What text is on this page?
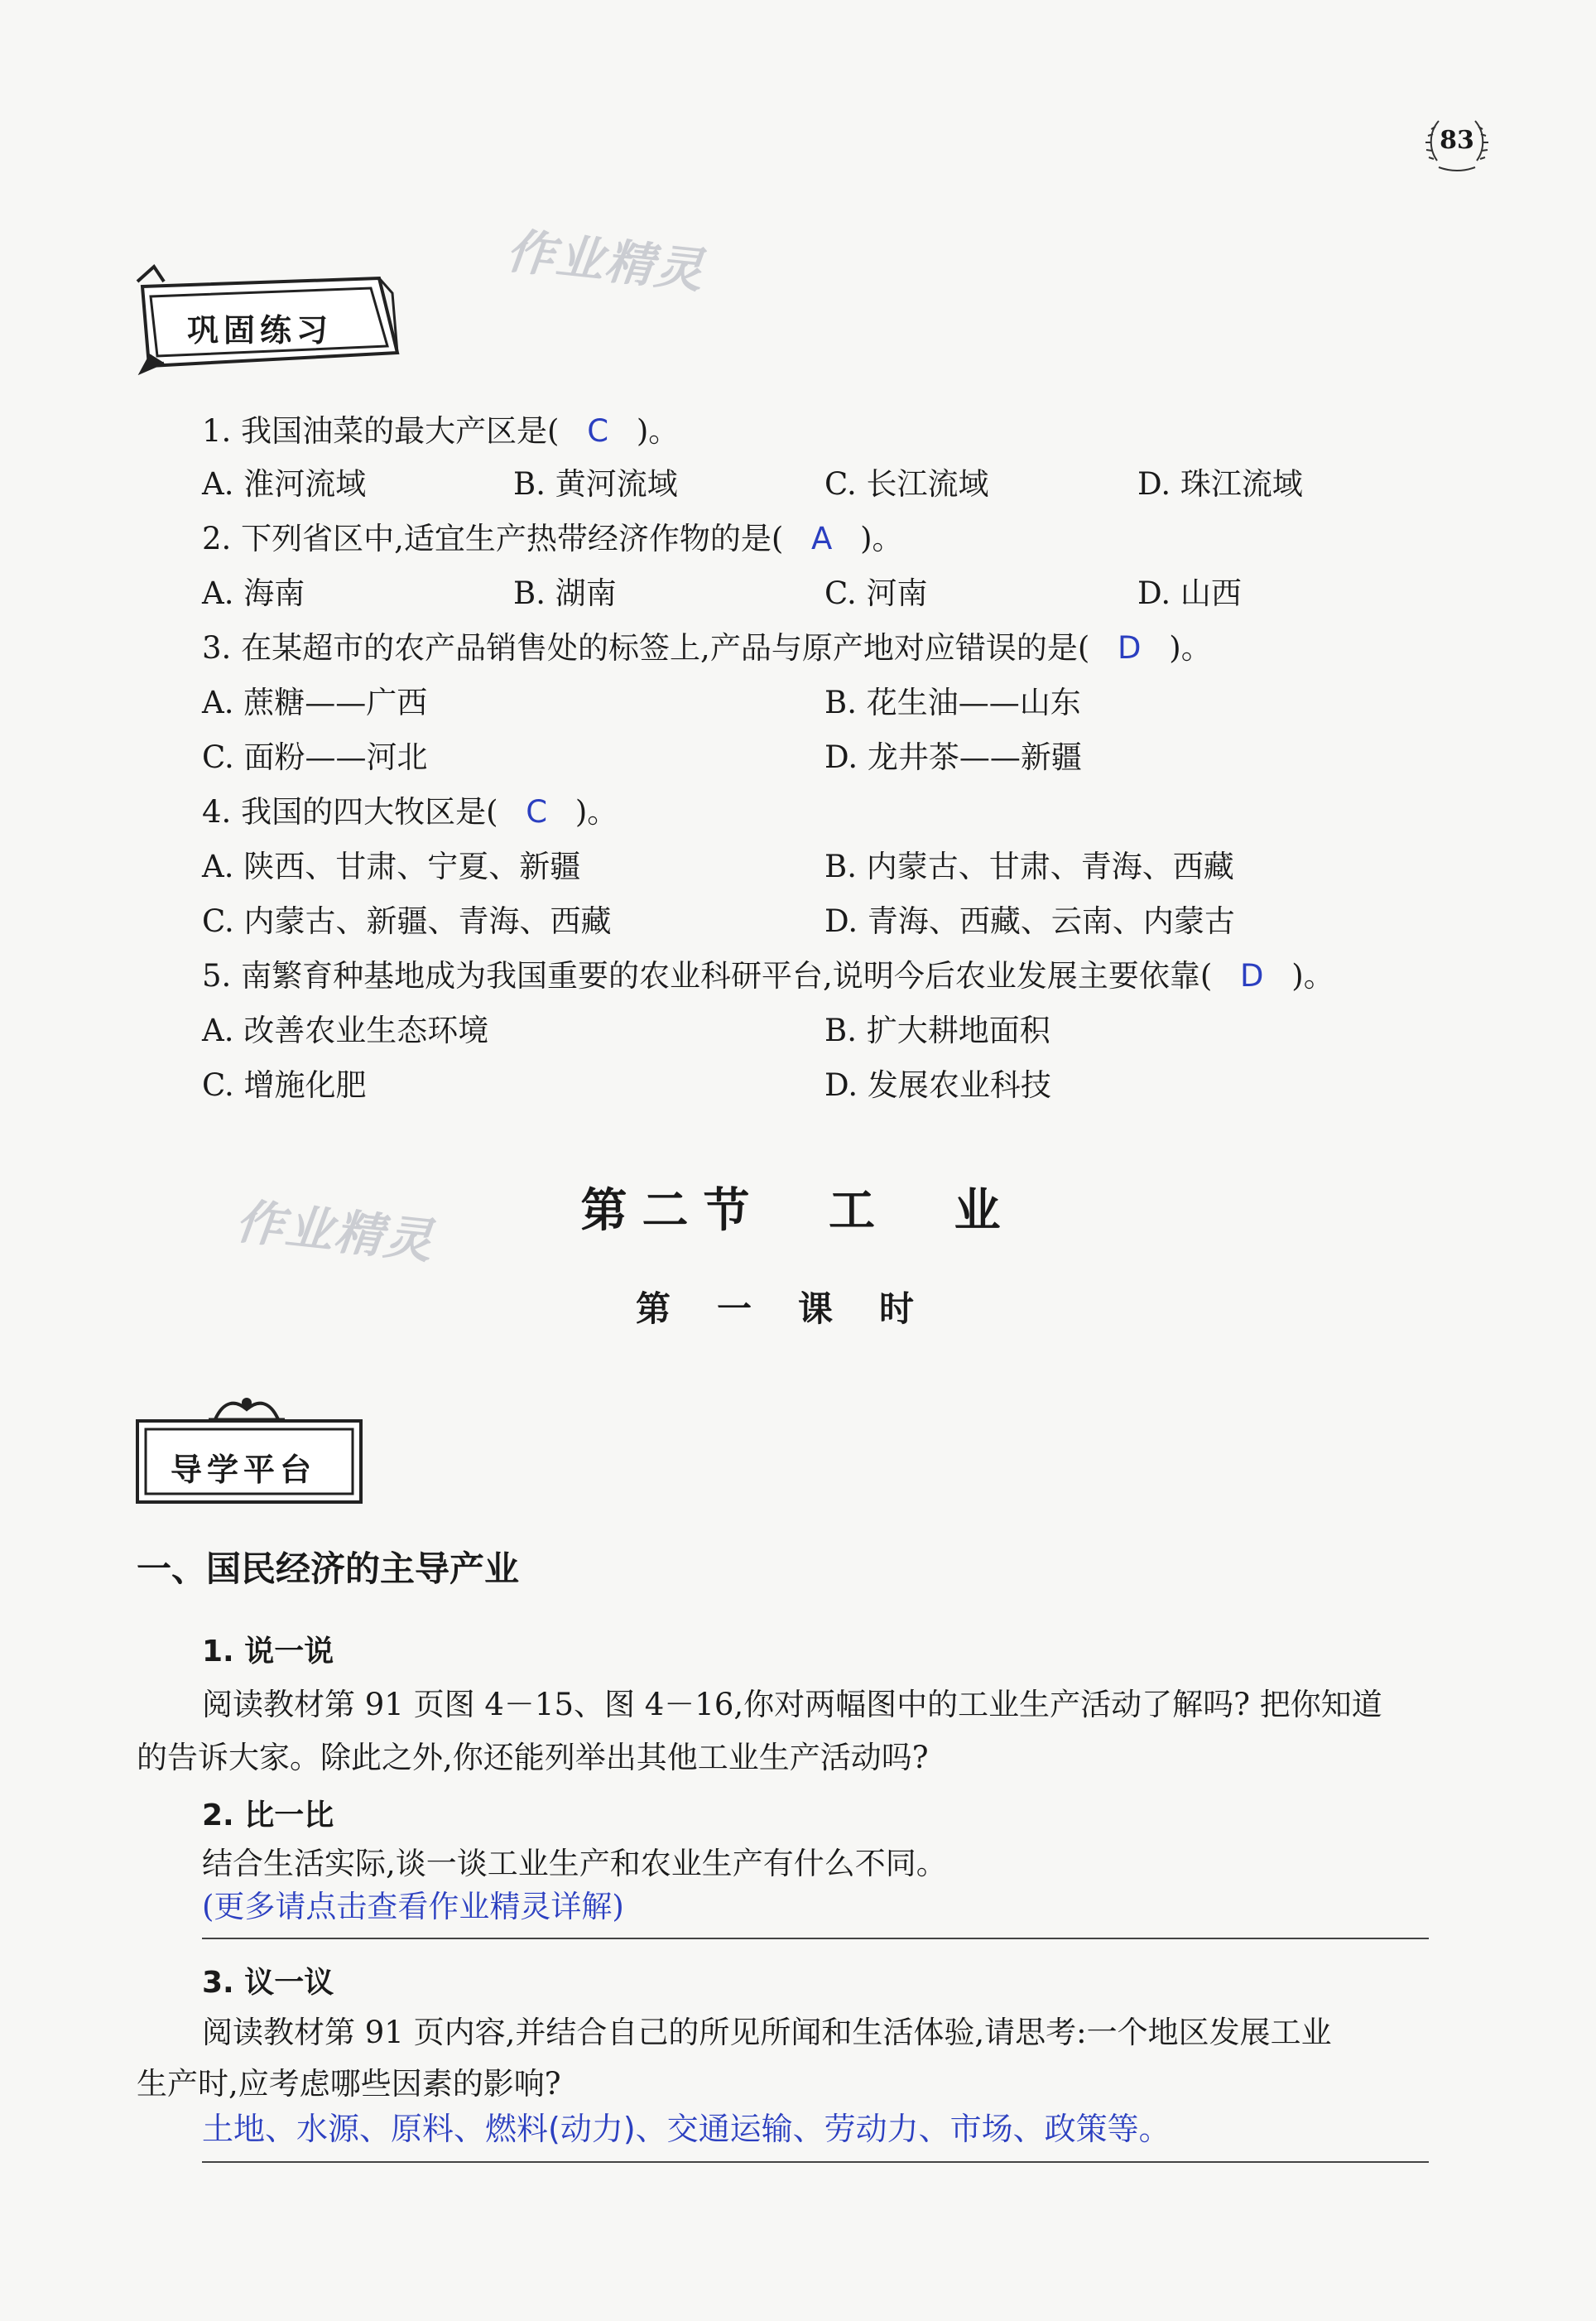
83
作业精灵
作业精灵
巩固练习
1. 我国油菜的最大产区是( C )。
A. 淮河流域	B. 黄河流域	C. 长江流域	D. 珠江流域
2. 下列省区中,适宜生产热带经济作物的是( A )。
A. 海南	B. 湖南	C. 河南	D. 山西
3. 在某超市的农产品销售处的标签上,产品与原产地对应错误的是( D )。
A. 蔗糖——广西	B. 花生油——山东
C. 面粉——河北	D. 龙井茶——新疆
4. 我国的四大牧区是( C )。
A. 陕西、甘肃、宁夏、新疆	B. 内蒙古、甘肃、青海、西藏
C. 内蒙古、新疆、青海、西藏	D. 青海、西藏、云南、内蒙古
5. 南繁育种基地成为我国重要的农业科研平台,说明今后农业发展主要依靠( D )。
A. 改善农业生态环境	B. 扩大耕地面积
C. 增施化肥	D. 发展农业科技
第二节 工 业
第一课时
导学平台
一、国民经济的主导产业
1. 说一说
阅读教材第 91 页图 4－15、图 4－16,你对两幅图中的工业生产活动了解吗? 把你知道
的告诉大家。除此之外,你还能列举出其他工业生产活动吗?
2. 比一比
结合生活实际,谈一谈工业生产和农业生产有什么不同。
(更多请点击查看作业精灵详解)
3. 议一议
阅读教材第 91 页内容,并结合自己的所见所闻和生活体验,请思考:一个地区发展工业
生产时,应考虑哪些因素的影响?
土地、水源、原料、燃料(动力)、交通运输、劳动力、市场、政策等。
